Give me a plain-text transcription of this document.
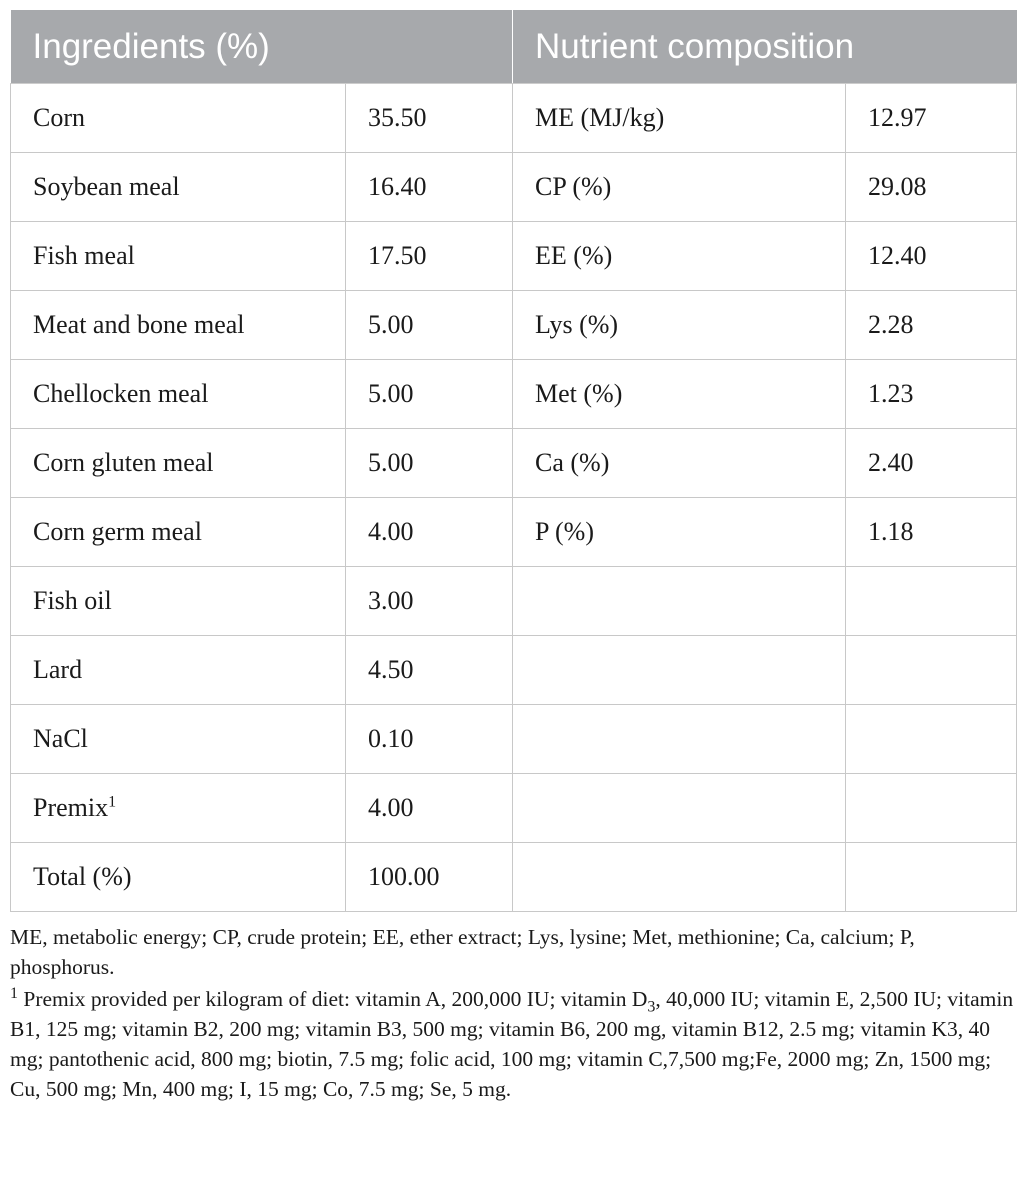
Ingredients (%)		Nutrient composition	
Corn	35.50	ME (MJ/kg)	12.97
Soybean meal	16.40	CP (%)	29.08
Fish meal	17.50	EE (%)	12.40
Meat and bone meal	5.00	Lys (%)	2.28
Chellocken meal	5.00	Met (%)	1.23
Corn gluten meal	5.00	Ca (%)	2.40
Corn germ meal	4.00	P (%)	1.18
Fish oil	3.00		
Lard	4.50		
NaCl	0.10		
Premix$^1$	4.00		
Total (%)	100.00		

ME, metabolic energy; CP, crude protein; EE, ether extract; Lys, lysine; Met, methionine; Ca, calcium; P, phosphorus.

$^1$ Premix provided per kilogram of diet: vitamin A, 200,000 IU; vitamin $D_3$, 40,000 IU; vitamin E, 2,500 IU; vitamin B1, 125 mg; vitamin B2, 200 mg; vitamin B3, 500 mg; vitamin B6, 200 mg, vitamin B12, 2.5 mg; vitamin K3, 40 mg; pantothenic acid, 800 mg; biotin, 7.5 mg; folic acid, 100 mg; vitamin C,7,500 mg;Fe, 2000 mg; Zn, 1500 mg; Cu, 500 mg; Mn, 400 mg; I, 15 mg; Co, 7.5 mg; Se, 5 mg.
